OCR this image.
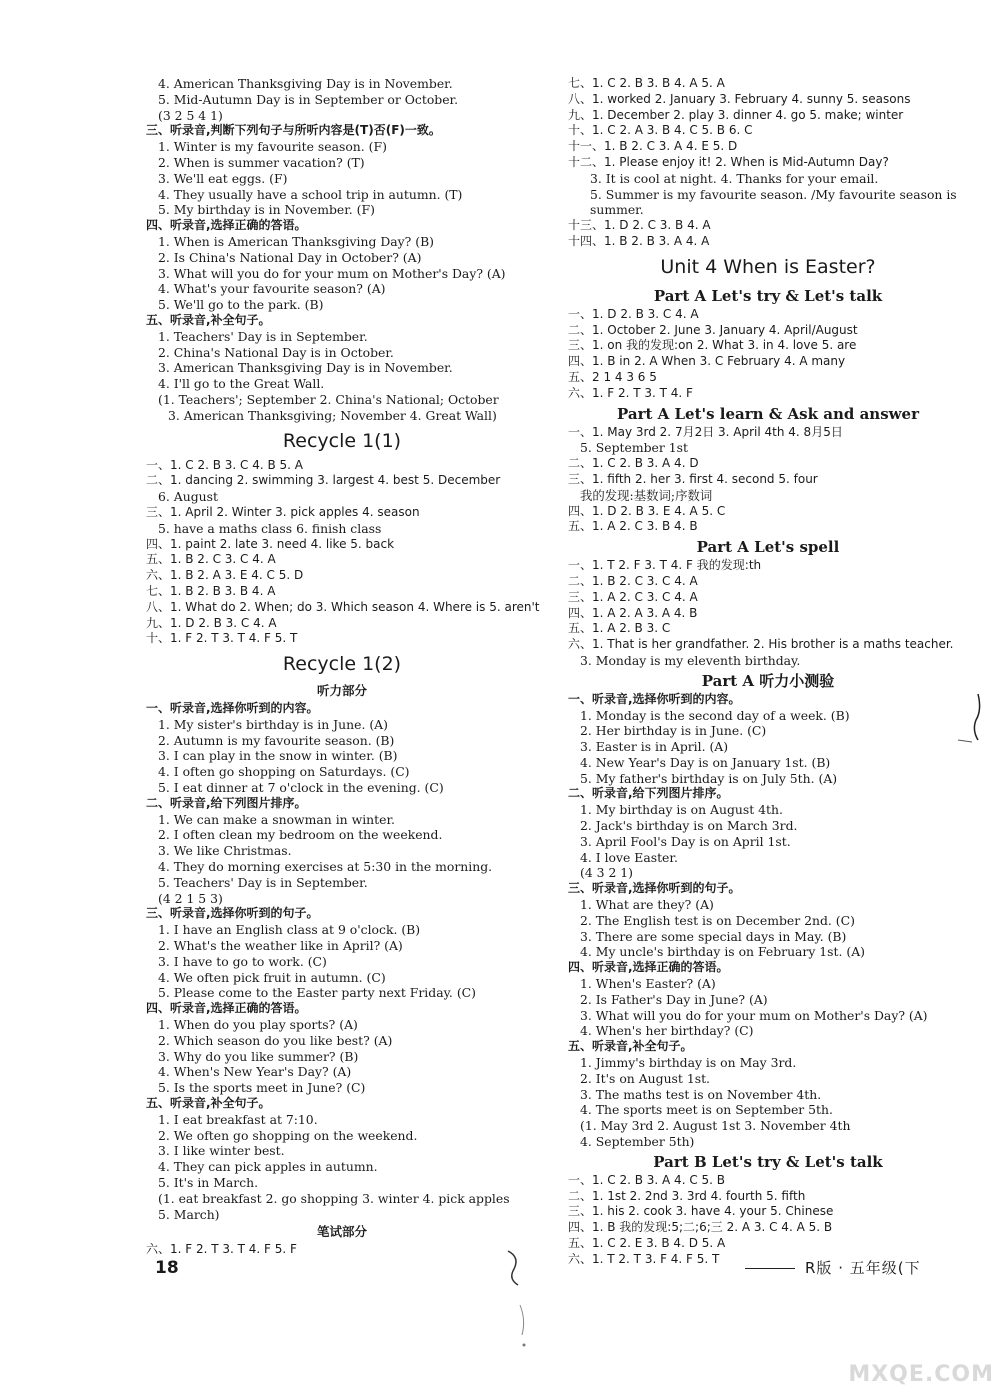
4. American Thanksgiving Day is in November.
5. Mid-Autumn Day is in September or October.
(3 2 5 4 1)
三、听录音,判断下列句子与所听内容是(T)否(F)一致。
1. Winter is my favourite season. (F)
2. When is summer vacation? (T)
3. We'll eat eggs. (F)
4. They usually have a school trip in autumn. (T)
5. My birthday is in November. (F)
四、听录音,选择正确的答语。
1. When is American Thanksgiving Day? (B)
2. Is China's National Day in October? (A)
3. What will you do for your mum on Mother's Day? (A)
4. What's your favourite season? (A)
5. We'll go to the park. (B)
五、听录音,补全句子。
1. Teachers' Day is in September.
2. China's National Day is in October.
3. American Thanksgiving Day is in November.
4. I'll go to the Great Wall.
(1. Teachers'; September 2. China's National; October
3. American Thanksgiving; November 4. Great Wall)
Recycle 1(1)
一、1. C 2. B 3. C 4. B 5. A
二、1. dancing 2. swimming 3. largest 4. best 5. December
6. August
三、1. April 2. Winter 3. pick apples 4. season
5. have a maths class 6. finish class
四、1. paint 2. late 3. need 4. like 5. back
五、1. B 2. C 3. C 4. A
六、1. B 2. A 3. E 4. C 5. D
七、1. B 2. B 3. B 4. A
八、1. What do 2. When; do 3. Which season 4. Where is 5. aren't
九、1. D 2. B 3. C 4. A
十、1. F 2. T 3. T 4. F 5. T
Recycle 1(2)
听力部分
一、听录音,选择你听到的内容。
1. My sister's birthday is in June. (A)
2. Autumn is my favourite season. (B)
3. I can play in the snow in winter. (B)
4. I often go shopping on Saturdays. (C)
5. I eat dinner at 7 o'clock in the evening. (C)
二、听录音,给下列图片排序。
1. We can make a snowman in winter.
2. I often clean my bedroom on the weekend.
3. We like Christmas.
4. They do morning exercises at 5:30 in the morning.
5. Teachers' Day is in September.
(4 2 1 5 3)
三、听录音,选择你听到的句子。
1. I have an English class at 9 o'clock. (B)
2. What's the weather like in April? (A)
3. I have to go to work. (C)
4. We often pick fruit in autumn. (C)
5. Please come to the Easter party next Friday. (C)
四、听录音,选择正确的答语。
1. When do you play sports? (A)
2. Which season do you like best? (A)
3. Why do you like summer? (B)
4. When's New Year's Day? (A)
5. Is the sports meet in June? (C)
五、听录音,补全句子。
1. I eat breakfast at 7:10.
2. We often go shopping on the weekend.
3. I like winter best.
4. They can pick apples in autumn.
5. It's in March.
(1. eat breakfast 2. go shopping 3. winter 4. pick apples
5. March)
笔试部分
六、1. F 2. T 3. T 4. F 5. F
七、1. C 2. B 3. B 4. A 5. A
八、1. worked 2. January 3. February 4. sunny 5. seasons
九、1. December 2. play 3. dinner 4. go 5. make; winter
十、1. C 2. A 3. B 4. C 5. B 6. C
十一、1. B 2. C 3. A 4. E 5. D
十二、1. Please enjoy it! 2. When is Mid-Autumn Day?
3. It is cool at night. 4. Thanks for your email.
5. Summer is my favourite season. /My favourite season is
summer.
十三、1. D 2. C 3. B 4. A
十四、1. B 2. B 3. A 4. A
Unit 4 When is Easter?
Part A Let's try & Let's talk
一、1. D 2. B 3. C 4. A
二、1. October 2. June 3. January 4. April/August
三、1. on 我的发现:on 2. What 3. in 4. love 5. are
四、1. B in 2. A When 3. C February 4. A many
五、2 1 4 3 6 5
六、1. F 2. T 3. T 4. F
Part A Let's learn & Ask and answer
一、1. May 3rd 2. 7月2日 3. April 4th 4. 8月5日
5. September 1st
二、1. C 2. B 3. A 4. D
三、1. fifth 2. her 3. first 4. second 5. four
我的发现:基数词;序数词
四、1. D 2. B 3. E 4. A 5. C
五、1. A 2. C 3. B 4. B
Part A Let's spell
一、1. T 2. F 3. T 4. F 我的发现:th
二、1. B 2. C 3. C 4. A
三、1. A 2. C 3. C 4. A
四、1. A 2. A 3. A 4. B
五、1. A 2. B 3. C
六、1. That is her grandfather. 2. His brother is a maths teacher.
3. Monday is my eleventh birthday.
Part A 听力小测验
一、听录音,选择你听到的内容。
1. Monday is the second day of a week. (B)
2. Her birthday is in June. (C)
3. Easter is in April. (A)
4. New Year's Day is on January 1st. (B)
5. My father's birthday is on July 5th. (A)
二、听录音,给下列图片排序。
1. My birthday is on August 4th.
2. Jack's birthday is on March 3rd.
3. April Fool's Day is on April 1st.
4. I love Easter.
(4 3 2 1)
三、听录音,选择你听到的句子。
1. What are they? (A)
2. The English test is on December 2nd. (C)
3. There are some special days in May. (B)
4. My uncle's birthday is on February 1st. (A)
四、听录音,选择正确的答语。
1. When's Easter? (A)
2. Is Father's Day in June? (A)
3. What will you do for your mum on Mother's Day? (A)
4. When's her birthday? (C)
五、听录音,补全句子。
1. Jimmy's birthday is on May 3rd.
2. It's on August 1st.
3. The maths test is on November 4th.
4. The sports meet is on September 5th.
(1. May 3rd 2. August 1st 3. November 4th
4. September 5th)
Part B Let's try & Let's talk
一、1. C 2. B 3. A 4. C 5. B
二、1. 1st 2. 2nd 3. 3rd 4. fourth 5. fifth
三、1. his 2. cook 3. have 4. your 5. Chinese
四、1. B 我的发现:5;二;6;三 2. A 3. C 4. A 5. B
五、1. C 2. E 3. B 4. D 5. A
六、1. T 2. T 3. F 4. F 5. T
18	R版 · 五年级(下
MXQE.COM
